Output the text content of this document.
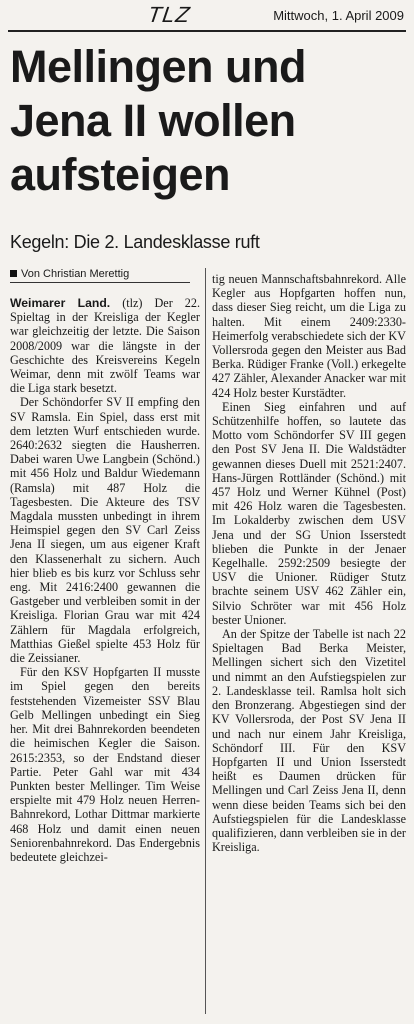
TLZ	Mittwoch, 1. April 2009
Mellingen und
Jena II wollen
aufsteigen
Kegeln: Die 2. Landesklasse ruft
Von Christian Merettig

Weimarer Land. (tlz) Der 22. Spieltag in der Kreisliga der Kegler war gleichzeitig der letzte. Die Saison 2008/2009 war die längste in der Geschichte des Kreisvereins Kegeln Weimar, denn mit zwölf Teams war die Liga stark besetzt.

Der Schöndorfer SV II empfing den SV Ramsla. Ein Spiel, dass erst mit dem letzten Wurf entschieden wurde. 2640:2632 siegten die Hausherren. Dabei waren Uwe Langbein (Schönd.) mit 456 Holz und Baldur Wiedemann (Ramsla) mit 487 Holz die Tagesbesten. Die Akteure des TSV Magdala mussten unbedingt in ihrem Heimspiel gegen den SV Carl Zeiss Jena II siegen, um aus eigener Kraft den Klassenerhalt zu sichern. Auch hier blieb es bis kurz vor Schluss sehr eng. Mit 2416:2400 gewannen die Gastgeber und verbleiben somit in der Kreisliga. Florian Grau war mit 424 Zählern für Magdala erfolgreich, Matthias Gießel spielte 453 Holz für die Zeissianer.

Für den KSV Hopfgarten II musste im Spiel gegen den bereits feststehenden Vizemeister SSV Blau Gelb Mellingen unbedingt ein Sieg her. Mit drei Bahnrekorden beendeten die heimischen Kegler die Saison. 2615:2353, so der Endstand dieser Partie. Peter Gahl war mit 434 Punkten bester Mellinger. Tim Weise erspielte mit 479 Holz neuen Herren-Bahnrekord, Lothar Dittmar markierte 468 Holz und damit einen neuen Seniorenbahnrekord. Das Endergebnis bedeutete gleichzei-

tig neuen Mannschaftsbahnrekord. Alle Kegler aus Hopfgarten hoffen nun, dass dieser Sieg reicht, um die Liga zu halten. Mit einem 2409:2330-Heimerfolg verabschiedete sich der KV Vollersroda gegen den Meister aus Bad Berka. Rüdiger Franke (Voll.) erkegelte 427 Zähler, Alexander Anacker war mit 424 Holz bester Kurstädter.

Einen Sieg einfahren und auf Schützenhilfe hoffen, so lautete das Motto vom Schöndorfer SV III gegen den Post SV Jena II. Die Waldstädter gewannen dieses Duell mit 2521:2407. Hans-Jürgen Rottländer (Schönd.) mit 457 Holz und Werner Kühnel (Post) mit 426 Holz waren die Tagesbesten. Im Lokalderby zwischen dem USV Jena und der SG Union Isserstedt blieben die Punkte in der Jenaer Kegelhalle. 2592:2509 besiegte der USV die Unioner. Rüdiger Stutz brachte seinem USV 462 Zähler ein, Silvio Schröter war mit 456 Holz bester Unioner.

An der Spitze der Tabelle ist nach 22 Spieltagen Bad Berka Meister, Mellingen sichert sich den Vizetitel und nimmt an den Aufstiegspielen zur 2. Landesklasse teil. Ramlsa holt sich den Bronzerang. Abgestiegen sind der KV Vollersroda, der Post SV Jena II und nach nur einem Jahr Kreisliga, Schöndorf III. Für den KSV Hopfgarten II und Union Isserstedt heißt es Daumen drücken für Mellingen und Carl Zeiss Jena II, denn wenn diese beiden Teams sich bei den Aufstiegspielen für die Landesklasse qualifizieren, dann verbleiben sie in der Kreisliga.
